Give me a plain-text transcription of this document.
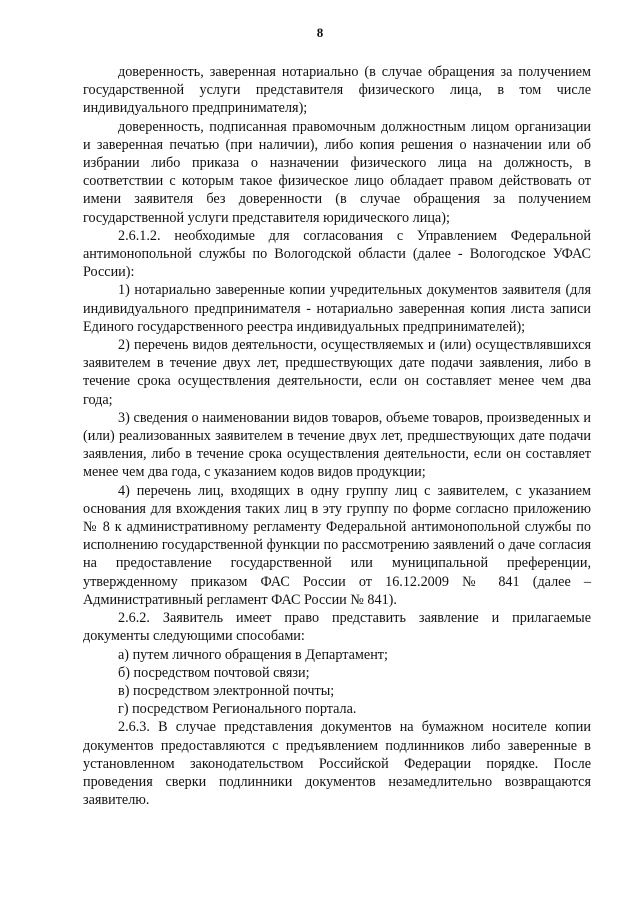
8

доверенность, заверенная нотариально (в случае обращения за получением государственной услуги представителя физического лица, в том числе индивидуального предпринимателя);

доверенность, подписанная правомочным должностным лицом организации и заверенная печатью (при наличии), либо копия решения о назначении или об избрании либо приказа о назначении физического лица на должность, в соответствии с которым такое физическое лицо обладает правом действовать от имени заявителя без доверенности (в случае обращения за получением государственной услуги представителя юридического лица);

2.6.1.2. необходимые для согласования с Управлением Федеральной антимонопольной службы по Вологодской области (далее - Вологодское УФАС России):

1) нотариально заверенные копии учредительных документов заявителя (для индивидуального предпринимателя - нотариально заверенная копия листа записи Единого государственного реестра индивидуальных предпринимателей);

2) перечень видов деятельности, осуществляемых и (или) осуществлявшихся заявителем в течение двух лет, предшествующих дате подачи заявления, либо в течение срока осуществления деятельности, если он составляет менее чем два года;

3) сведения о наименовании видов товаров, объеме товаров, произведенных и (или) реализованных заявителем в течение двух лет, предшествующих дате подачи заявления, либо в течение срока осуществления деятельности, если он составляет менее чем два года, с указанием кодов видов продукции;

4) перечень лиц, входящих в одну группу лиц с заявителем, с указанием основания для вхождения таких лиц в эту группу по форме согласно приложению № 8 к административному регламенту Федеральной антимонопольной службы по исполнению государственной функции по рассмотрению заявлений о даче согласия на предоставление государственной или муниципальной преференции, утвержденному приказом ФАС России от 16.12.2009 № 841 (далее – Административный регламент ФАС России № 841).

2.6.2. Заявитель имеет право представить заявление и прилагаемые документы следующими способами:

а) путем личного обращения в Департамент;

б) посредством почтовой связи;

в) посредством электронной почты;

г) посредством Регионального портала.

2.6.3. В случае представления документов на бумажном носителе копии документов предоставляются с предъявлением подлинников либо заверенные в установленном законодательством Российской Федерации порядке. После проведения сверки подлинники документов незамедлительно возвращаются заявителю.
